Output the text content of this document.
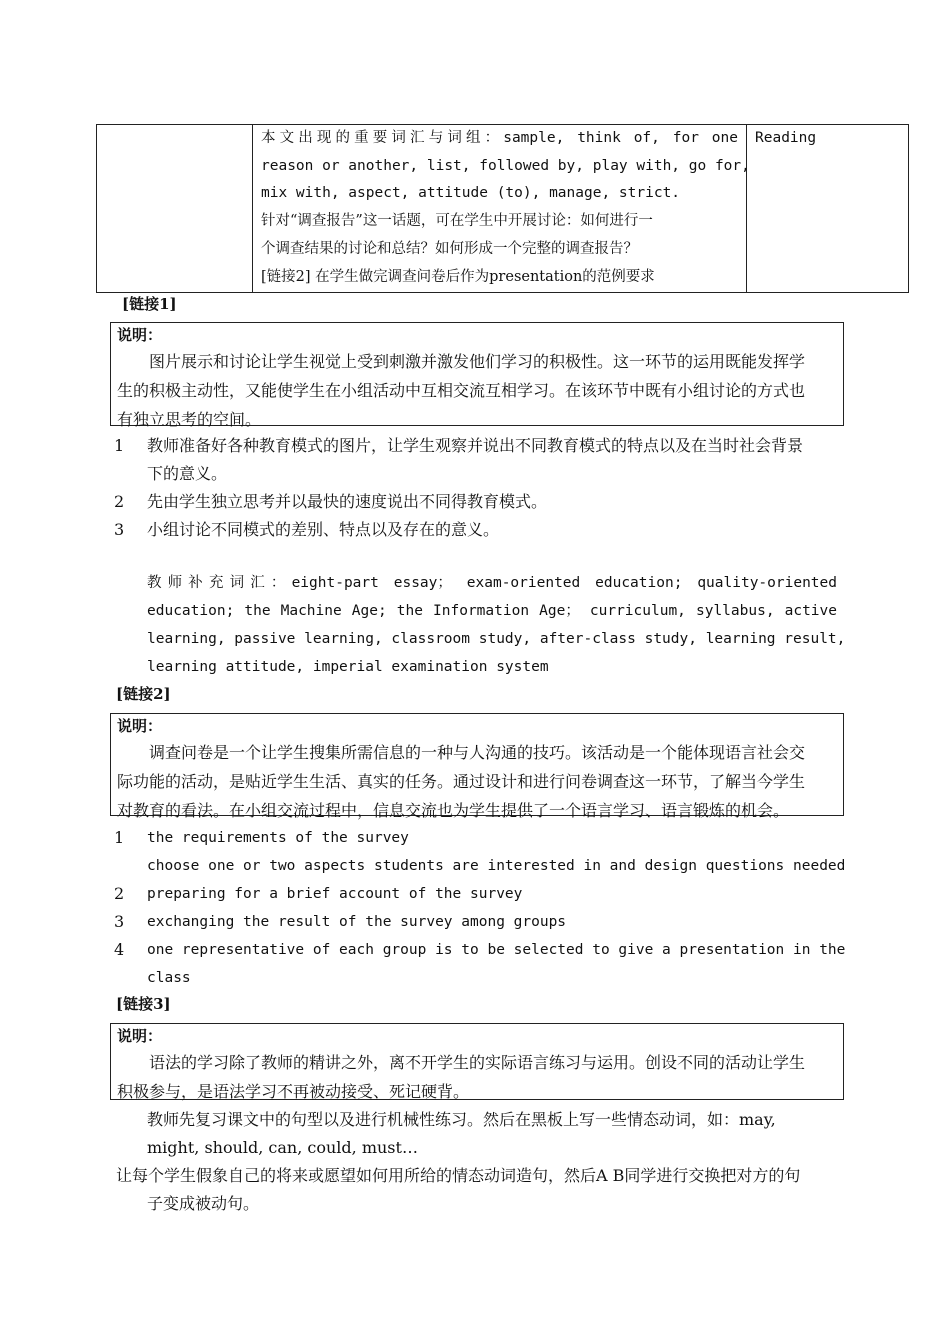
本文出现的重要词汇与词组：sample, think of, for one
reason or another, list, followed by, play with, go for,
mix with, aspect, attitude (to), manage, strict.
针对“调查报告”这一话题，可在学生中开展讨论：如何进行一
个调查结果的讨论和总结？如何形成一个完整的调查报告？
[链接2] 在学生做完调查问卷后作为presentation的范例要求
Reading
[链接1]
说明：
图片展示和讨论让学生视觉上受到刺激并激发他们学习的积极性。这一环节的运用既能发挥学
生的积极主动性，又能使学生在小组活动中互相交流互相学习。在该环节中既有小组讨论的方式也
有独立思考的空间。
1	教师准备好各种教育模式的图片，让学生观察并说出不同教育模式的特点以及在当时社会背景
下的意义。
2	先由学生独立思考并以最快的速度说出不同得教育模式。
3	小组讨论不同模式的差别、特点以及存在的意义。
教师补充词汇：eight-part essay； exam-oriented education; quality-oriented
education; the Machine Age; the Information Age； curriculum, syllabus, active
learning, passive learning, classroom study, after-class study, learning result,
learning attitude, imperial examination system
[链接2]
说明：
调查问卷是一个让学生搜集所需信息的一种与人沟通的技巧。该活动是一个能体现语言社会交
际功能的活动，是贴近学生生活、真实的任务。通过设计和进行问卷调查这一环节，了解当今学生
对教育的看法。在小组交流过程中，信息交流也为学生提供了一个语言学习、语言锻炼的机会。
1	the requirements of the survey
choose one or two aspects students are interested in and design questions needed
2	preparing for a brief account of the survey
3	exchanging the result of the survey among groups
4	one representative of each group is to be selected to give a presentation in the
class
[链接3]
说明：
语法的学习除了教师的精讲之外，离不开学生的实际语言练习与运用。创设不同的活动让学生
积极参与，是语法学习不再被动接受、死记硬背。
教师先复习课文中的句型以及进行机械性练习。然后在黑板上写一些情态动词，如：may,
might, should, can, could, must…
让每个学生假象自己的将来或愿望如何用所给的情态动词造句，然后A B同学进行交换把对方的句
子变成被动句。
